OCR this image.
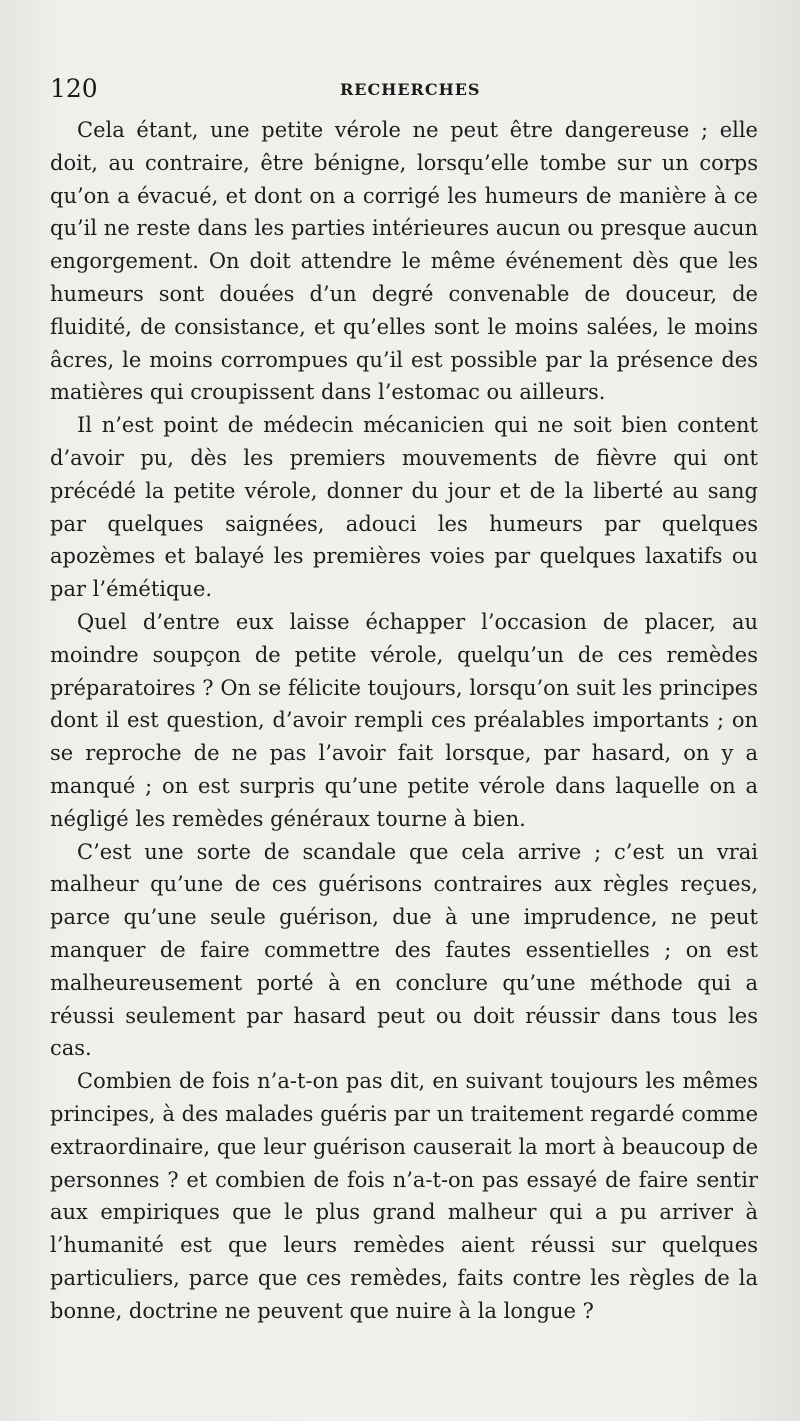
120	RECHERCHES

Cela étant, une petite vérole ne peut être dangereuse ; elle doit, au contraire, être bénigne, lorsqu’elle tombe sur un corps qu’on a évacué, et dont on a corrigé les humeurs de manière à ce qu’il ne reste dans les parties intérieures aucun ou presque aucun engorgement. On doit attendre le même événement dès que les humeurs sont douées d’un degré convenable de douceur, de fluidité, de consistance, et qu’elles sont le moins salées, le moins âcres, le moins corrompues qu’il est possible par la présence des matières qui croupissent dans l’estomac ou ailleurs.

Il n’est point de médecin mécanicien qui ne soit bien content d’avoir pu, dès les premiers mouvements de fièvre qui ont précédé la petite vérole, donner du jour et de la liberté au sang par quelques saignées, adouci les humeurs par quelques apozèmes et balayé les premières voies par quelques laxatifs ou par l’émétique.

Quel d’entre eux laisse échapper l’occasion de placer, au moindre soupçon de petite vérole, quelqu’un de ces remèdes préparatoires ? On se félicite toujours, lorsqu’on suit les principes dont il est question, d’avoir rempli ces préalables importants ; on se reproche de ne pas l’avoir fait lorsque, par hasard, on y a manqué ; on est surpris qu’une petite vérole dans laquelle on a négligé les remèdes généraux tourne à bien.

C’est une sorte de scandale que cela arrive ; c’est un vrai malheur qu’une de ces guérisons contraires aux règles reçues, parce qu’une seule guérison, due à une imprudence, ne peut manquer de faire commettre des fautes essentielles ; on est malheureusement porté à en conclure qu’une méthode qui a réussi seulement par hasard peut ou doit réussir dans tous les cas.

Combien de fois n’a-t-on pas dit, en suivant toujours les mêmes principes, à des malades guéris par un traitement regardé comme extraordinaire, que leur guérison causerait la mort à beaucoup de personnes ? et combien de fois n’a-t-on pas essayé de faire sentir aux empiriques que le plus grand malheur qui a pu arriver à l’humanité est que leurs remèdes aient réussi sur quelques particuliers, parce que ces remèdes, faits contre les règles de la bonne, doctrine ne peuvent que nuire à la longue ?
